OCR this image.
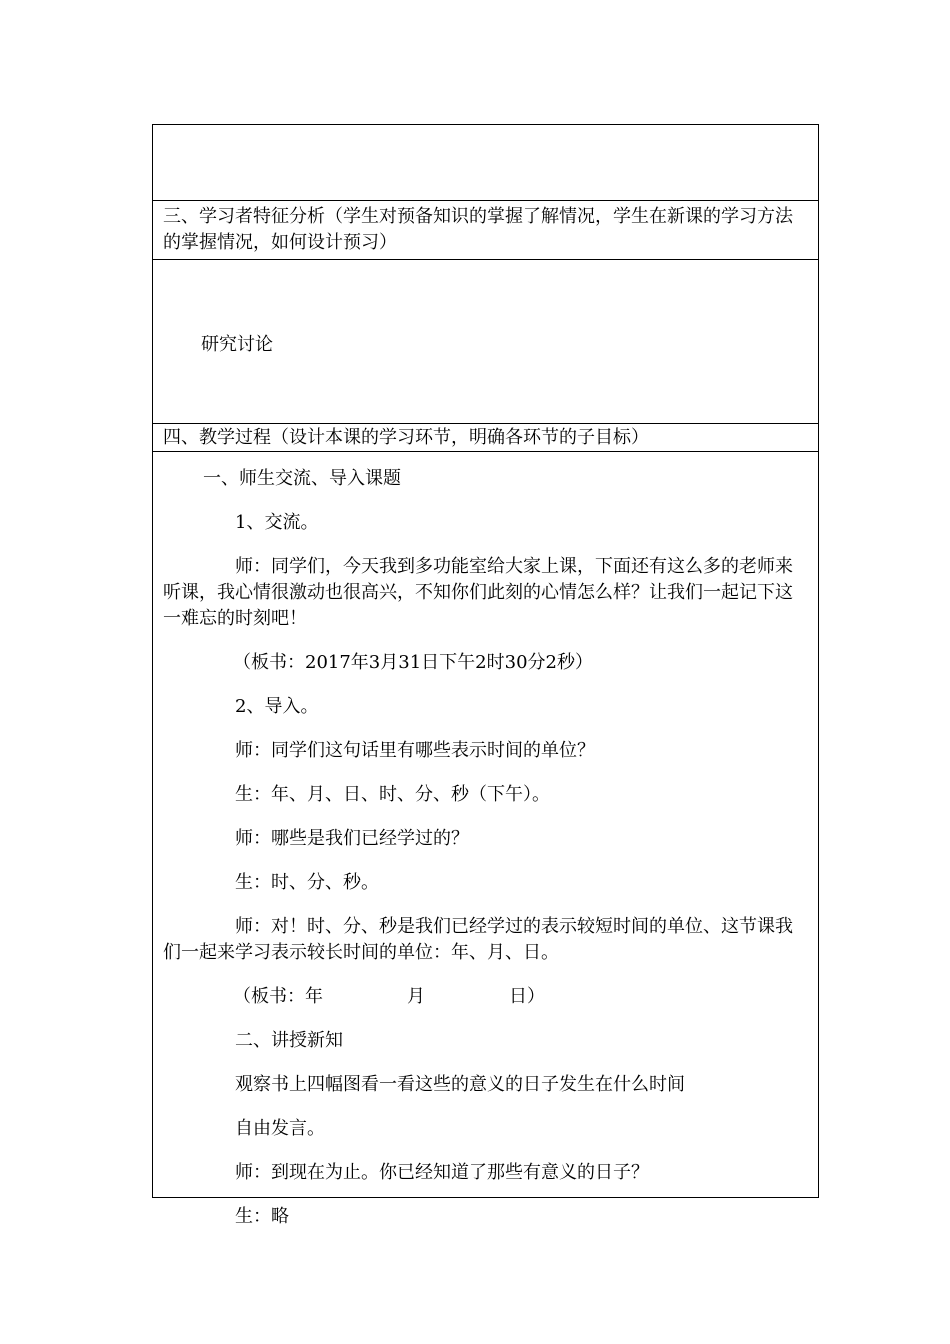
三、学习者特征分析（学生对预备知识的掌握了解情况，学生在新课的学习方法的掌握情况，如何设计预习）
研究讨论
四、教学过程（设计本课的学习环节，明确各环节的子目标）

一、师生交流、导入课题

1、交流。

师：同学们，今天我到多功能室给大家上课，下面还有这么多的老师来听课，我心情很激动也很高兴，不知你们此刻的心情怎么样？让我们一起记下这一难忘的时刻吧！

（板书：2017年3月31日下午2时30分2秒）

2、导入。

师：同学们这句话里有哪些表示时间的单位？

生：年、月、日、时、分、秒（下午）。

师：哪些是我们已经学过的？

生：时、分、秒。

师：对！时、分、秒是我们已经学过的表示较短时间的单位、这节课我们一起来学习表示较长时间的单位：年、月、日。

（板书：年	月	日）

二、讲授新知

观察书上四幅图看一看这些的意义的日子发生在什么时间

自由发言。

师：到现在为止。你已经知道了那些有意义的日子？

生：略
